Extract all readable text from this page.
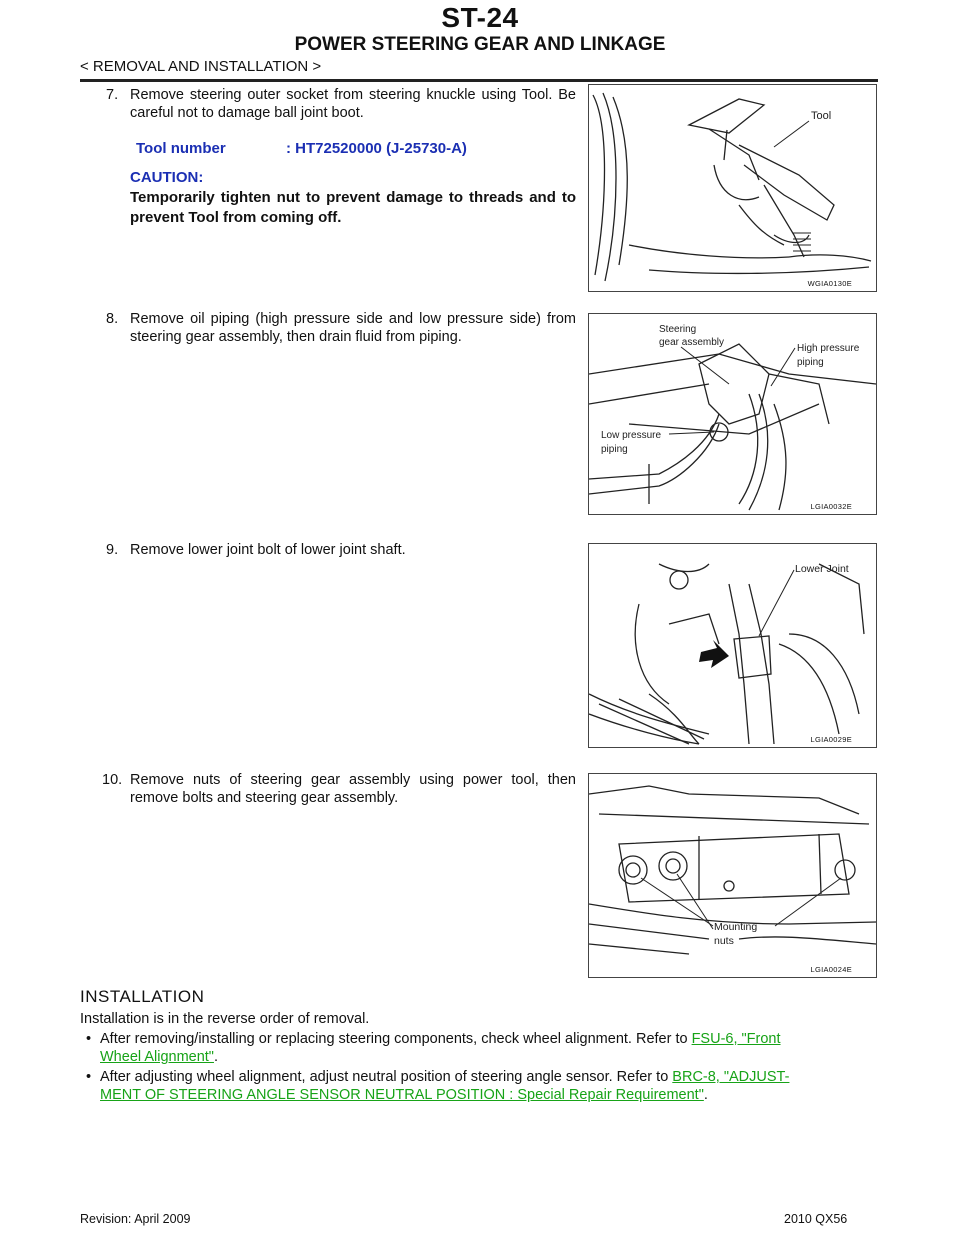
ST-24
POWER STEERING GEAR AND LINKAGE
< REMOVAL AND INSTALLATION >
7. Remove steering outer socket from steering knuckle using Tool. Be careful not to damage ball joint boot.
Tool number	: HT72520000 (J-25730-A)
CAUTION:
Temporarily tighten nut to prevent damage to threads and to prevent Tool from coming off.
Tool
WGIA0130E
8. Remove oil piping (high pressure side and low pressure side) from steering gear assembly, then drain fluid from piping.	Steering
gear assembly
High pressure
piping
Low pressure
piping
LGIA0032E
9. Remove lower joint bolt of lower joint shaft.
Lower Joint
LGIA0029E
10. Remove nuts of steering gear assembly using power tool, then remove bolts and steering gear assembly.
Mounting
nuts
LGIA0024E
INSTALLATION
Installation is in the reverse order of removal.
• After removing/installing or replacing steering components, check wheel alignment. Refer to FSU-6, "Front
Wheel Alignment".
• After adjusting wheel alignment, adjust neutral position of steering angle sensor. Refer to BRC-8, "ADJUST-
MENT OF STEERING ANGLE SENSOR NEUTRAL POSITION : Special Repair Requirement".
Revision: April 2009	2010 QX56
